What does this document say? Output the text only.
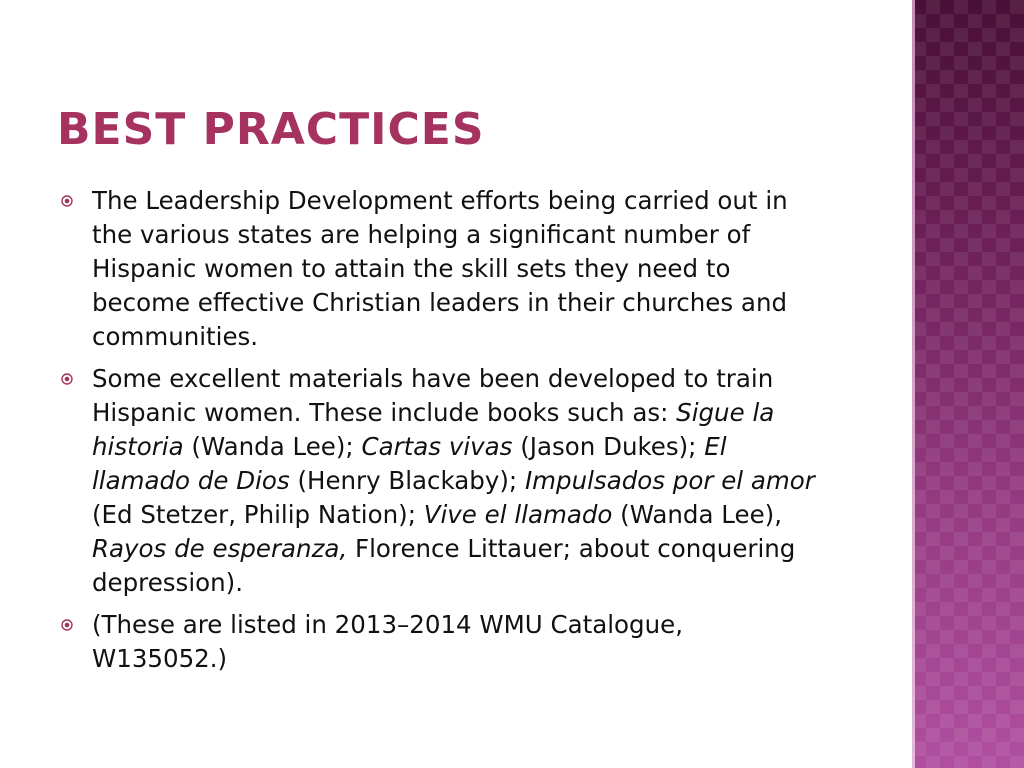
BEST PRACTICES
The Leadership Development efforts being carried out in the various states are helping a significant number of Hispanic women to attain the skill sets they need to become effective Christian leaders in their churches and communities.
Some excellent materials have been developed to train Hispanic women. These include books such as: Sigue la historia (Wanda Lee); Cartas vivas (Jason Dukes); El llamado de Dios (Henry Blackaby); Impulsados por el amor (Ed Stetzer, Philip Nation); Vive el llamado (Wanda Lee), Rayos de esperanza, Florence Littauer; about conquering depression).
(These are listed in 2013–2014 WMU Catalogue, W135052.)
